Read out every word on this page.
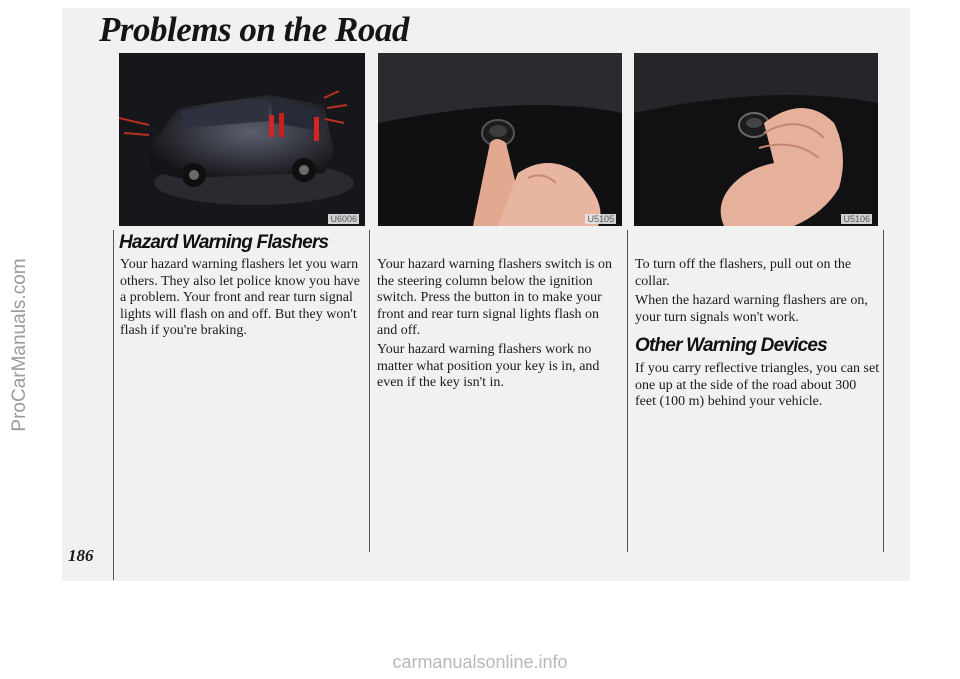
ProCarManuals.com
Problems on the Road
U6006	U5105	U5106
Hazard Warning Flashers

Your hazard warning flashers let you warn others. They also let police know you have a problem. Your front and rear turn signal lights will flash on and off. But they won't flash if you're braking.

Your hazard warning flashers switch is on the steering column below the ignition switch. Press the button in to make your front and rear turn signal lights flash on and off.

Your hazard warning flashers work no matter what position your key is in, and even if the key isn't in.

To turn off the flashers, pull out on the collar.

When the hazard warning flashers are on, your turn signals won't work.

Other Warning Devices

If you carry reflective triangles, you can set one up at the side of the road about 300 feet (100 m) behind your vehicle.

186

carmanualsonline.info
